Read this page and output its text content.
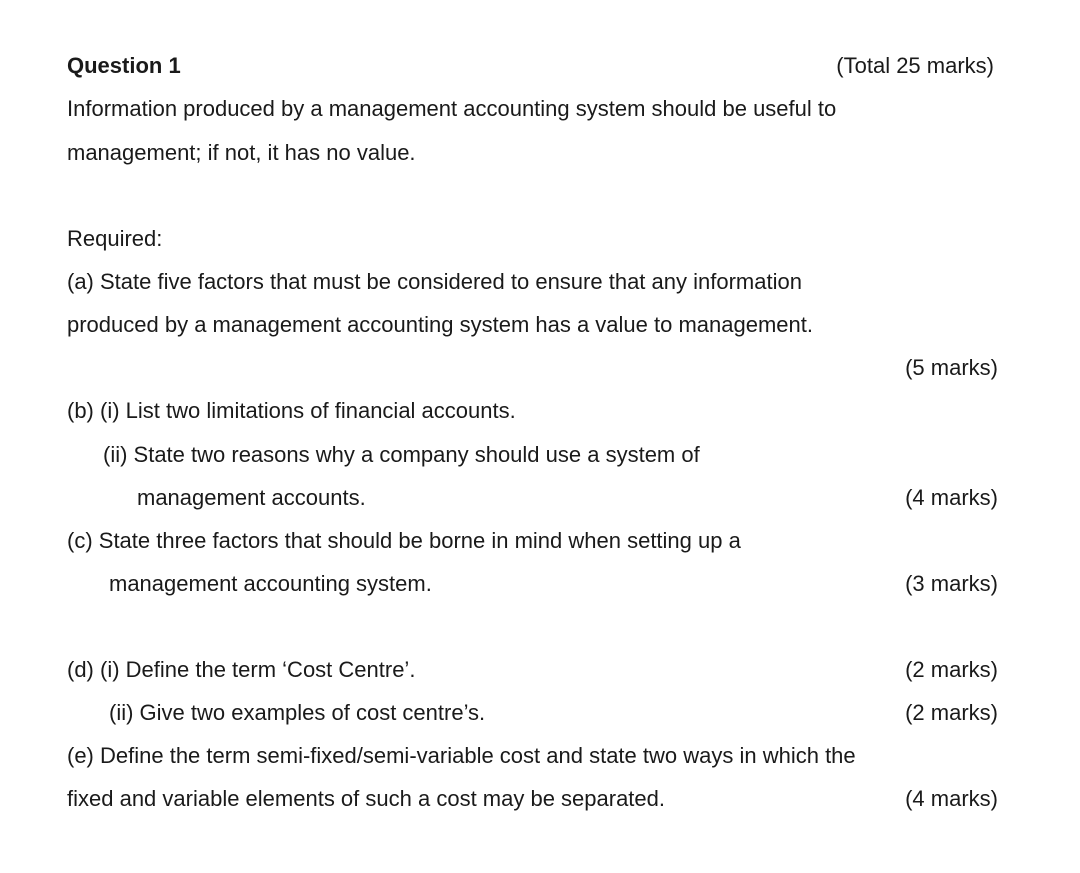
Question 1	(Total 25 marks)
Information produced by a management accounting system should be useful to
management; if not, it has no value.
Required:
(a) State five factors that must be considered to ensure that any information
produced by a management accounting system has a value to management.
(5 marks)
(b) (i) List two limitations of financial accounts.
(ii) State two reasons why a company should use a system of
management accounts.	(4 marks)
(c) State three factors that should be borne in mind when setting up a
management accounting system.	(3 marks)
(d) (i) Define the term ‘Cost Centre’.	(2 marks)
(ii) Give two examples of cost centre’s.	(2 marks)
(e) Define the term semi-fixed/semi-variable cost and state two ways in which the
fixed and variable elements of such a cost may be separated.	(4 marks)
